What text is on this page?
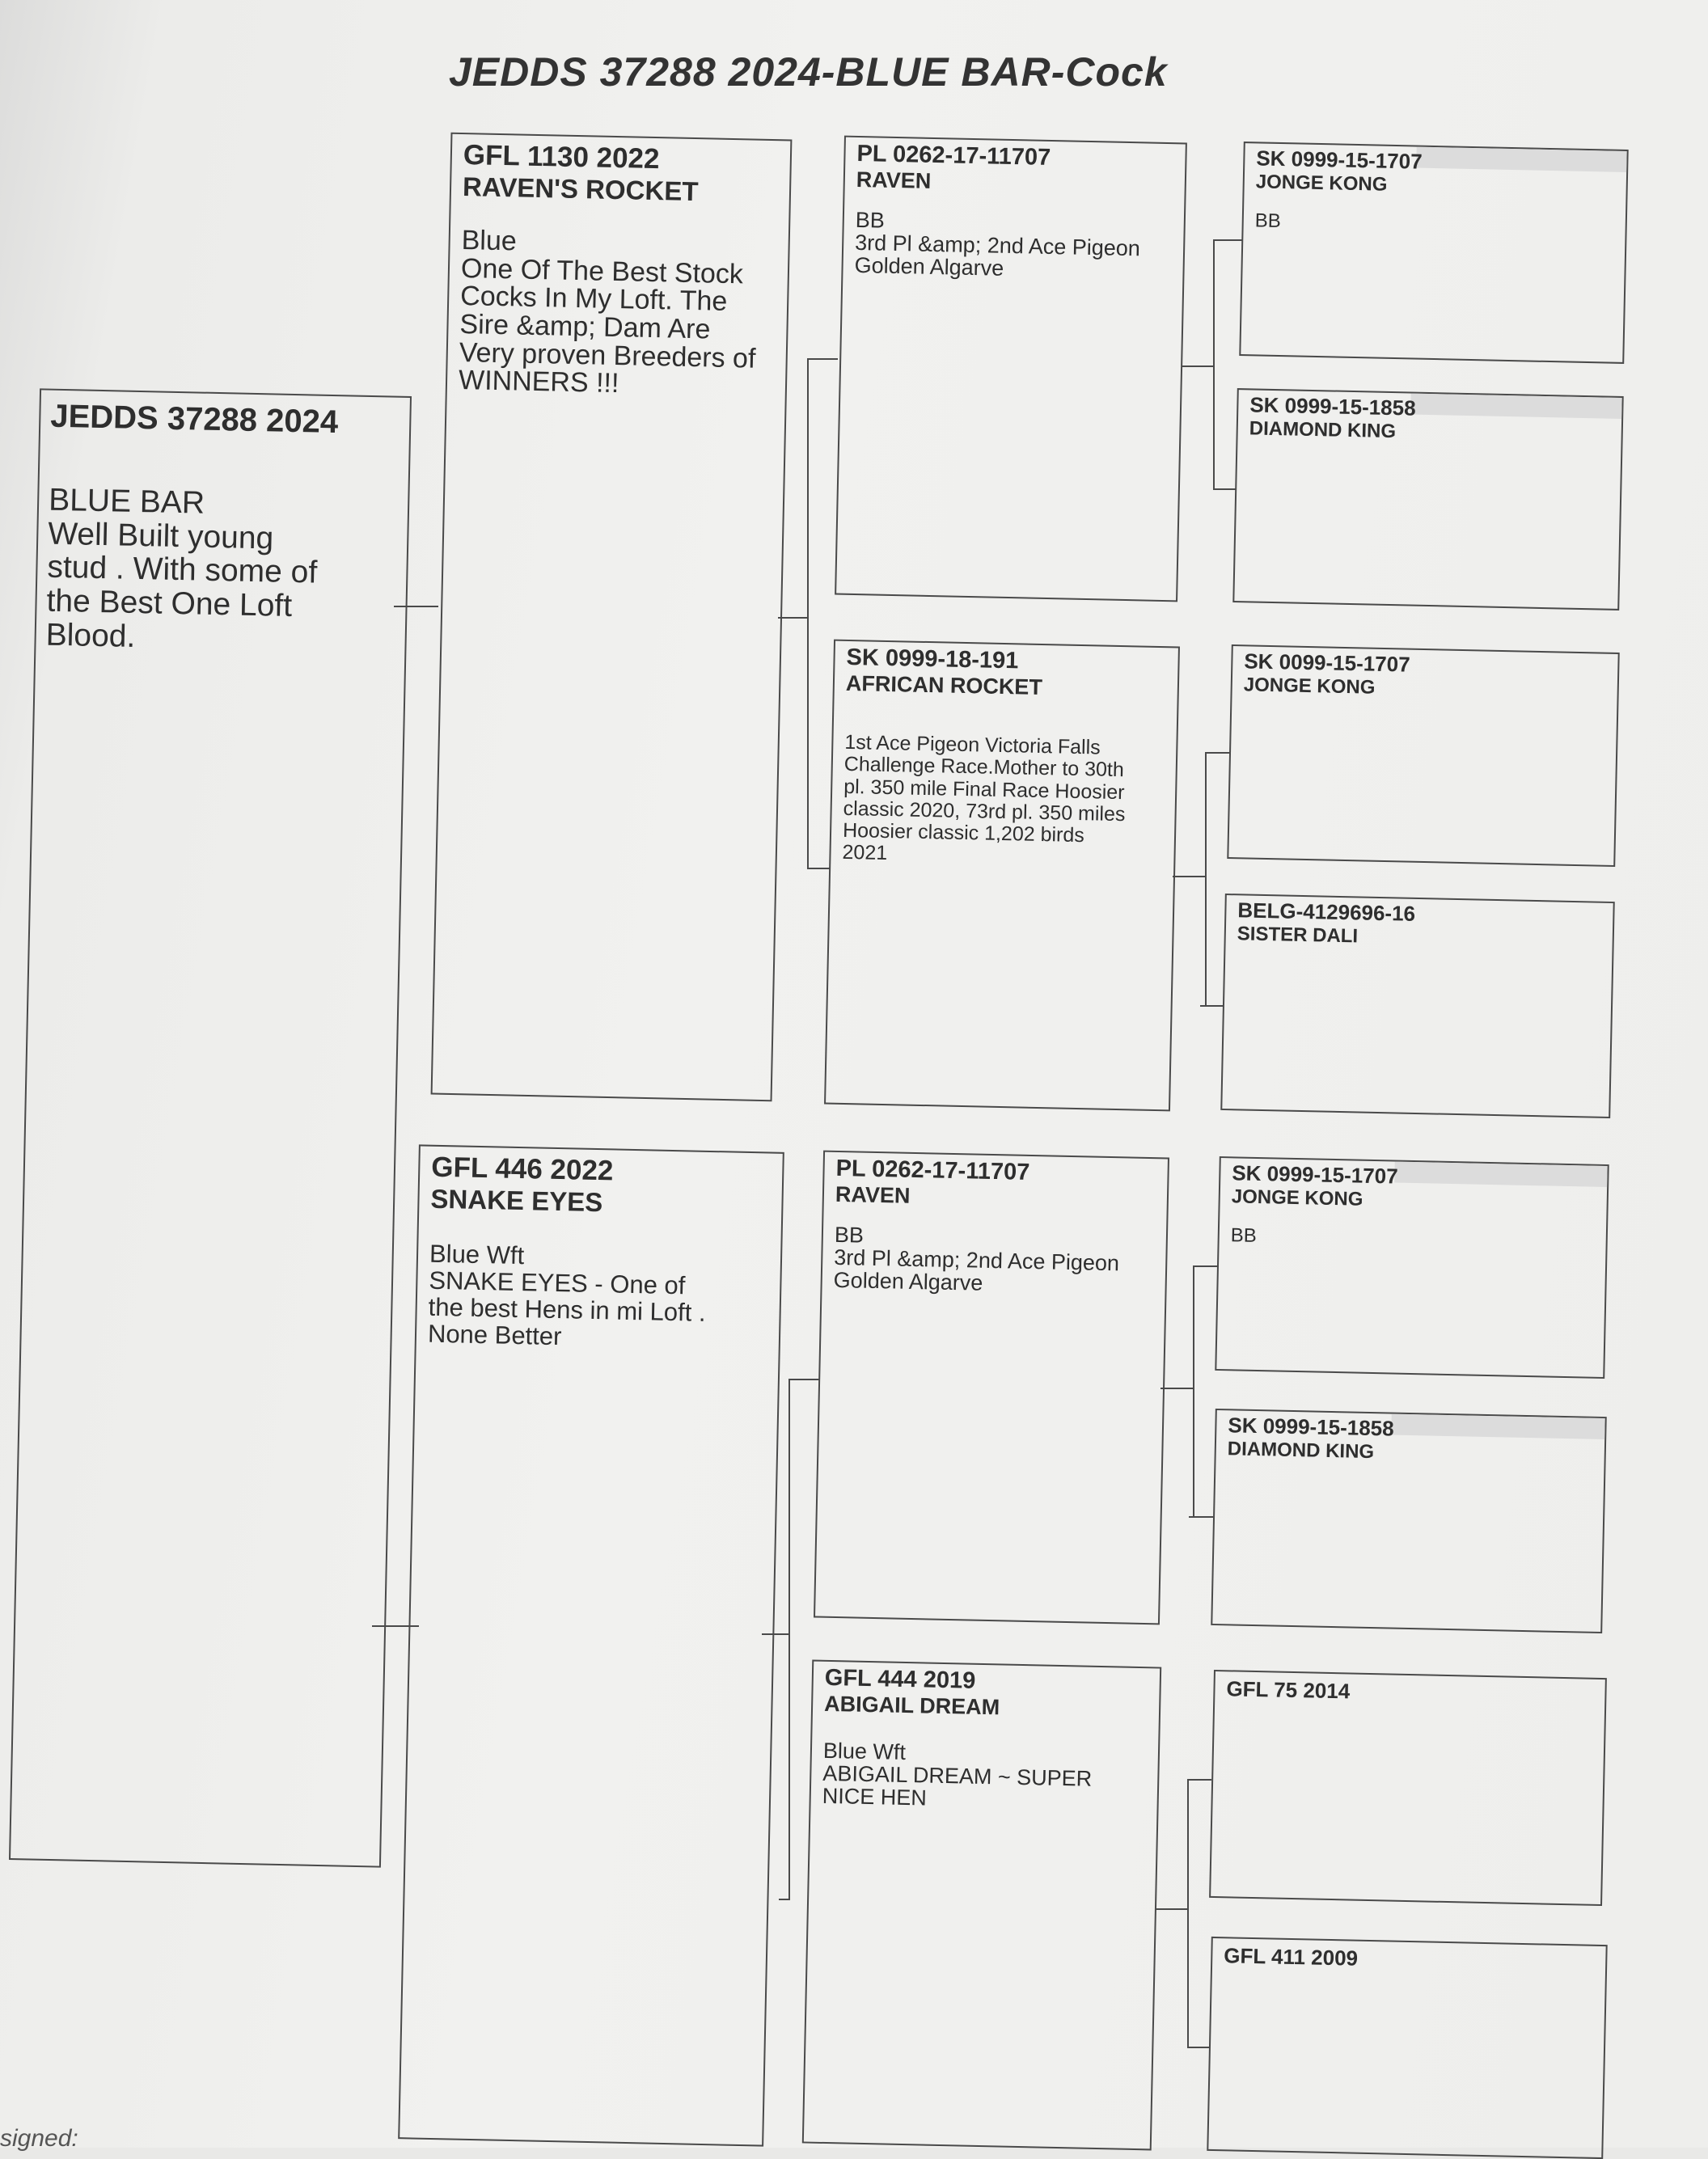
JEDDS 37288 2024-BLUE BAR-Cock
JEDDS 37288 2024
BLUE BAR
Well Built young
stud . With some of
the Best One Loft
Blood.
GFL 1130 2022
RAVEN'S ROCKET
Blue
One Of The Best Stock
Cocks In My Loft. The
Sire &amp; Dam Are
Very proven Breeders of
WINNERS !!!
GFL 446 2022
SNAKE EYES
Blue Wft
SNAKE EYES - One of
the best Hens in mi Loft .
None Better
PL 0262-17-11707
RAVEN
BB
3rd Pl &amp; 2nd Ace Pigeon
Golden Algarve
SK 0999-18-191
AFRICAN ROCKET
1st Ace Pigeon Victoria Falls
Challenge Race.Mother to 30th
pl. 350 mile Final Race Hoosier
classic 2020, 73rd pl. 350 miles
Hoosier classic 1,202 birds
2021
PL 0262-17-11707
RAVEN
BB
3rd Pl &amp; 2nd Ace Pigeon
Golden Algarve
GFL 444 2019
ABIGAIL DREAM
Blue Wft
ABIGAIL DREAM ~ SUPER
NICE HEN
SK 0999-15-1707
JONGE KONG
BB
SK 0999-15-1858
DIAMOND KING
SK 0099-15-1707
JONGE KONG
BELG-4129696-16
SISTER DALI
SK 0999-15-1707
JONGE KONG
BB
SK 0999-15-1858
DIAMOND KING
GFL 75 2014
GFL 411 2009
signed:
